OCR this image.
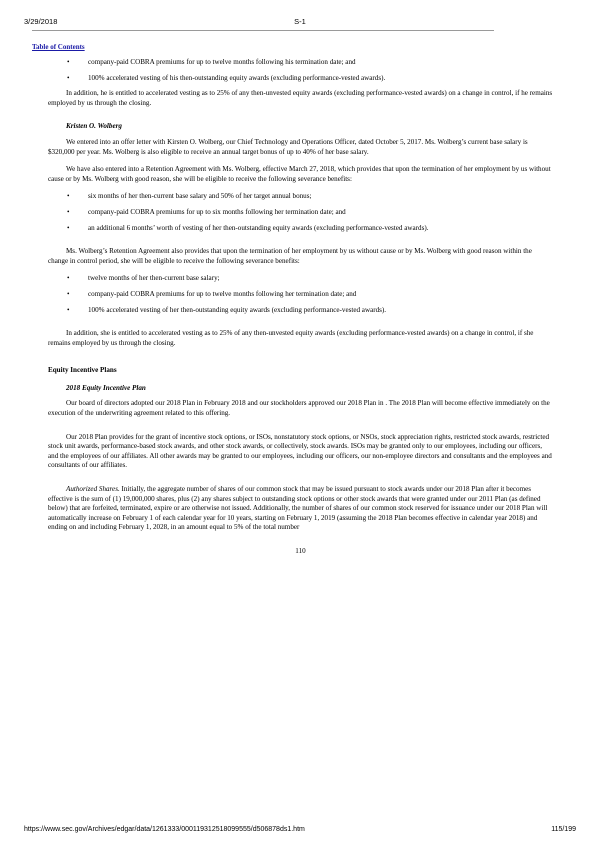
3/29/2018	S-1
Table of Contents
•	company-paid COBRA premiums for up to twelve months following his termination date; and
•	100% accelerated vesting of his then-outstanding equity awards (excluding performance-vested awards).

In addition, he is entitled to accelerated vesting as to 25% of any then-unvested equity awards (excluding performance-vested awards) on a change in control, if he remains employed by us through the closing.

Kristen O. Wolberg

We entered into an offer letter with Kirsten O. Wolberg, our Chief Technology and Operations Officer, dated October 5, 2017. Ms. Wolberg’s current base salary is $320,000 per year. Ms. Wolberg is also eligible to receive an annual target bonus of up to 40% of her base salary.

We have also entered into a Retention Agreement with Ms. Wolberg, effective March 27, 2018, which provides that upon the termination of her employment by us without cause or by Ms. Wolberg with good reason, she will be eligible to receive the following severance benefits:

•	six months of her then-current base salary and 50% of her target annual bonus;
•	company-paid COBRA premiums for up to six months following her termination date; and
•	an additional 6 months’ worth of vesting of her then-outstanding equity awards (excluding performance-vested awards).

Ms. Wolberg’s Retention Agreement also provides that upon the termination of her employment by us without cause or by Ms. Wolberg with good reason within the change in control period, she will be eligible to receive the following severance benefits:

•	twelve months of her then-current base salary;
•	company-paid COBRA premiums for up to twelve months following her termination date; and
•	100% accelerated vesting of her then-outstanding equity awards (excluding performance-vested awards).

In addition, she is entitled to accelerated vesting as to 25% of any then-unvested equity awards (excluding performance-vested awards) on a change in control, if she remains employed by us through the closing.

Equity Incentive Plans
2018 Equity Incentive Plan

Our board of directors adopted our 2018 Plan in February 2018 and our stockholders approved our 2018 Plan in . The 2018 Plan will become effective immediately on the execution of the underwriting agreement related to this offering.

Our 2018 Plan provides for the grant of incentive stock options, or ISOs, nonstatutory stock options, or NSOs, stock appreciation rights, restricted stock awards, restricted stock unit awards, performance-based stock awards, and other stock awards, or collectively, stock awards. ISOs may be granted only to our employees, including our officers, and the employees of our affiliates. All other awards may be granted to our employees, including our officers, our non-employee directors and consultants and the employees and consultants of our affiliates.

Authorized Shares. Initially, the aggregate number of shares of our common stock that may be issued pursuant to stock awards under our 2018 Plan after it becomes effective is the sum of (1) 19,000,000 shares, plus (2) any shares subject to outstanding stock options or other stock awards that were granted under our 2011 Plan (as defined below) that are forfeited, terminated, expire or are otherwise not issued. Additionally, the number of shares of our common stock reserved for issuance under our 2018 Plan will automatically increase on February 1 of each calendar year for 10 years, starting on February 1, 2019 (assuming the 2018 Plan becomes effective in calendar year 2018) and ending on and including February 1, 2028, in an amount equal to 5% of the total number

110

https://www.sec.gov/Archives/edgar/data/1261333/000119312518099555/d506878ds1.htm	115/199
